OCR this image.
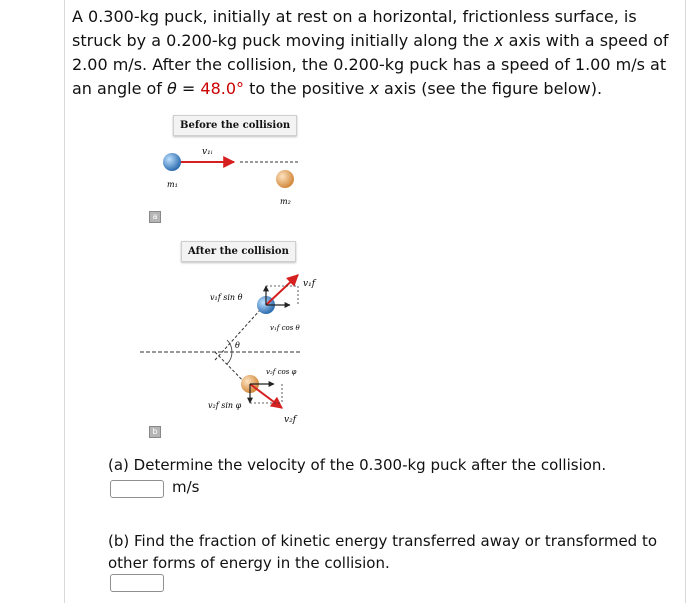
A 0.300-kg puck, initially at rest on a horizontal, frictionless surface, is struck by a 0.200-kg puck moving initially along the x axis with a speed of 2.00 m/s. After the collision, the 0.200-kg puck has a speed of 1.00 m/s at an angle of θ = 48.0° to the positive x axis (see the figure below).
Before the collision
After the collision
a
b
v₁ᵢ
m₁
m₂
v₁f
v₁f sin θ
v₁f cos θ
θ
v₂f cos φ
v₂f sin φ
v₂f
(a) Determine the velocity of the 0.300-kg puck after the collision.
(b) Find the fraction of kinetic energy transferred away or transformed to other forms of energy in the collision.
m/s
